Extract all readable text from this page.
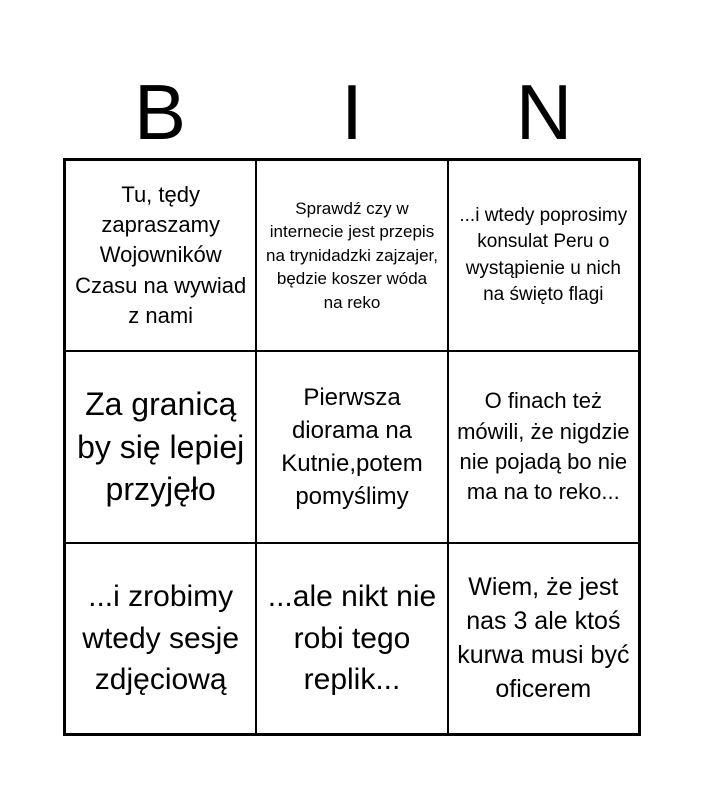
B	I	N
Tu, tędy zapraszamy Wojowników Czasu na wywiad z nami
Sprawdź czy w internecie jest przepis na trynidadzki zajzajer, będzie koszer wóda na reko
...i wtedy poprosimy konsulat Peru o wystąpienie u nich na święto flagi
Za granicą by się lepiej przyjęło
Pierwsza diorama na Kutnie,potem pomyślimy
O finach też mówili, że nigdzie nie pojadą bo nie ma na to reko...
...i zrobimy wtedy sesje zdjęciową
...ale nikt nie robi tego replik...
Wiem, że jest nas 3 ale ktoś kurwa musi być oficerem
